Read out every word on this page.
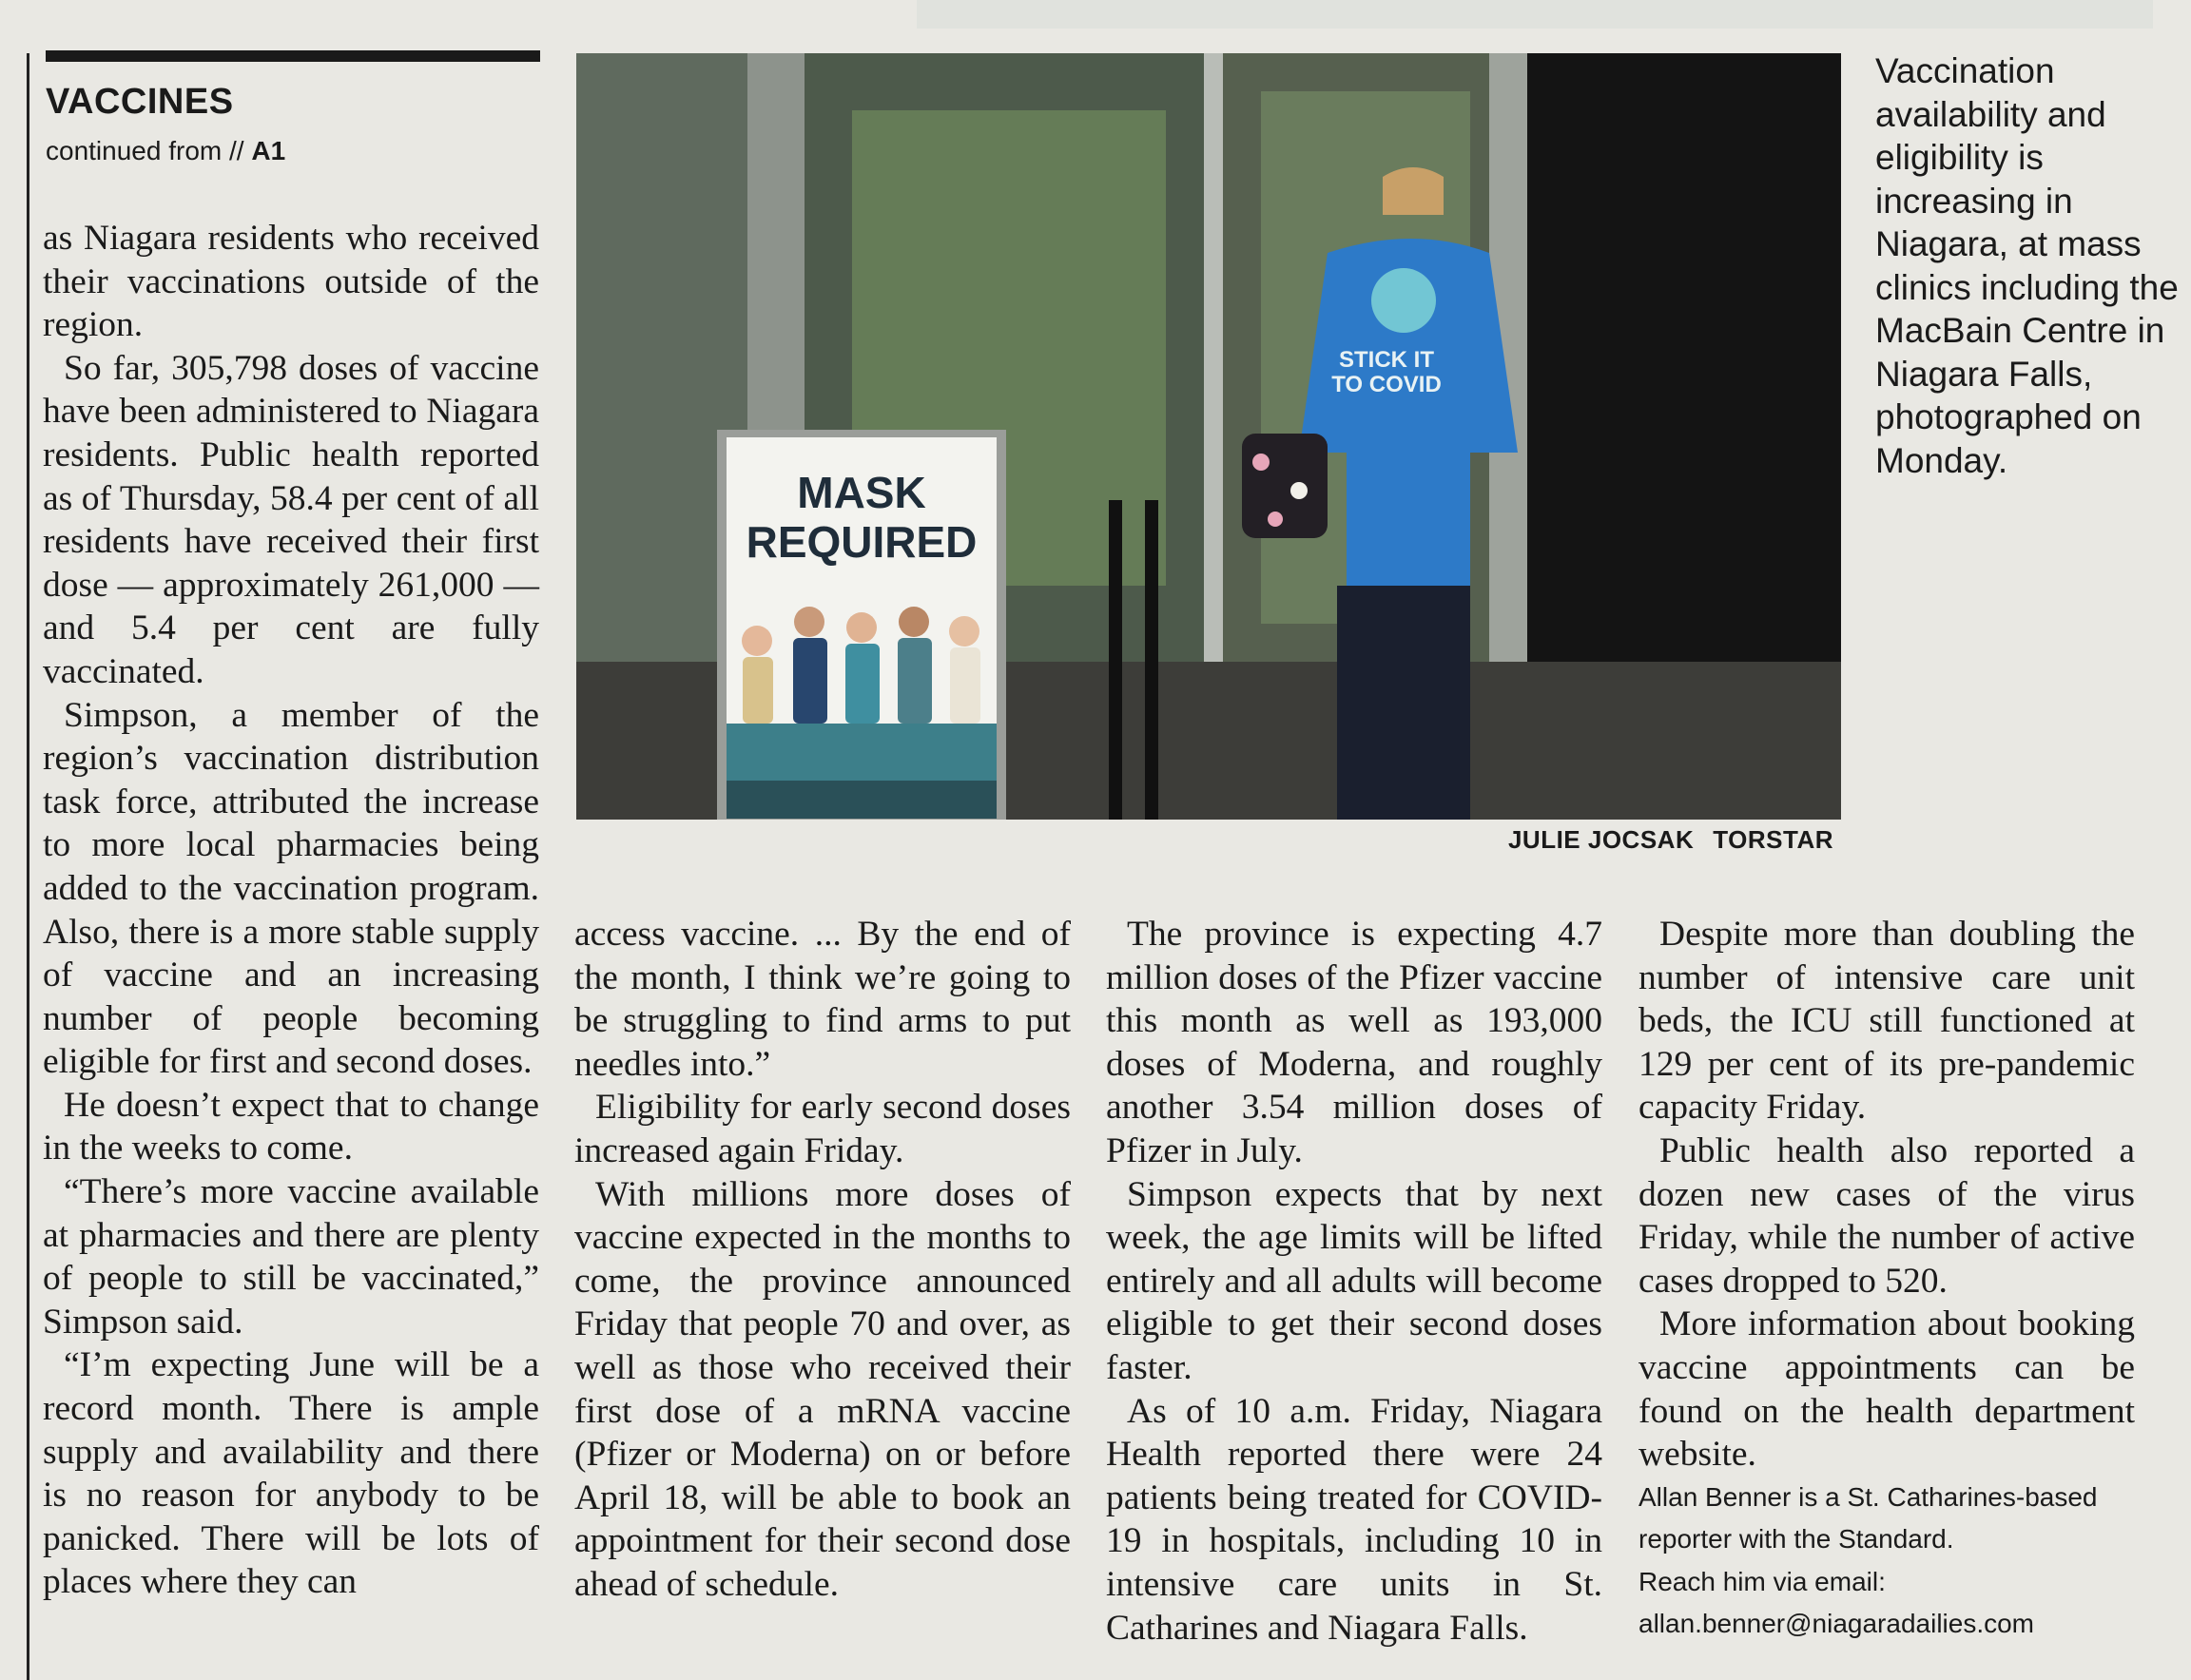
VACCINES
continued from // A1

as Niagara residents who received their vaccinations outside of the region.

So far, 305,798 doses of vaccine have been administered to Niagara residents. Public health reported as of Thursday, 58.4 per cent of all residents have received their first dose — approximately 261,000 — and 5.4 per cent are fully vaccinated.

Simpson, a member of the region’s vaccination distribution task force, attributed the increase to more local pharmacies being added to the vaccination program. Also, there is a more stable supply of vaccine and an increasing number of people becoming eligible for first and second doses.

He doesn’t expect that to change in the weeks to come.

“There’s more vaccine available at pharmacies and there are plenty of people to still be vaccinated,” Simpson said.

“I’m expecting June will be a record month. There is ample supply and availability and there is no reason for anybody to be panicked. There will be lots of places where they can

MASK
REQUIRED
STICK IT
TO COVID
JULIE JOCSAK TORSTAR
Vaccination availability and eligibility is increasing in Niagara, at mass clinics including the MacBain Centre in Niagara Falls, photographed on Monday.

access vaccine. ... By the end of the month, I think we’re going to be struggling to find arms to put needles into.”

Eligibility for early second doses increased again Friday.

With millions more doses of vaccine expected in the months to come, the province announced Friday that people 70 and over, as well as those who received their first dose of a mRNA vaccine (Pfizer or Moderna) on or before April 18, will be able to book an appointment for their second dose ahead of schedule.

The province is expecting 4.7 million doses of the Pfizer vaccine this month as well as 193,000 doses of Moderna, and roughly another 3.54 million doses of Pfizer in July.

Simpson expects that by next week, the age limits will be lifted entirely and all adults will become eligible to get their second doses faster.

As of 10 a.m. Friday, Niagara Health reported there were 24 patients being treated for COVID-19 in hospitals, including 10 in intensive care units in St. Catharines and Niagara Falls.

Despite more than doubling the number of intensive care unit beds, the ICU still functioned at 129 per cent of its pre-pandemic capacity Friday.

Public health also reported a dozen new cases of the virus Friday, while the number of active cases dropped to 520.

More information about booking vaccine appointments can be found on the health department website.

Allan Benner is a St. Catharines-based reporter with the Standard.

Reach him via email:

allan.benner@niagaradailies.com
